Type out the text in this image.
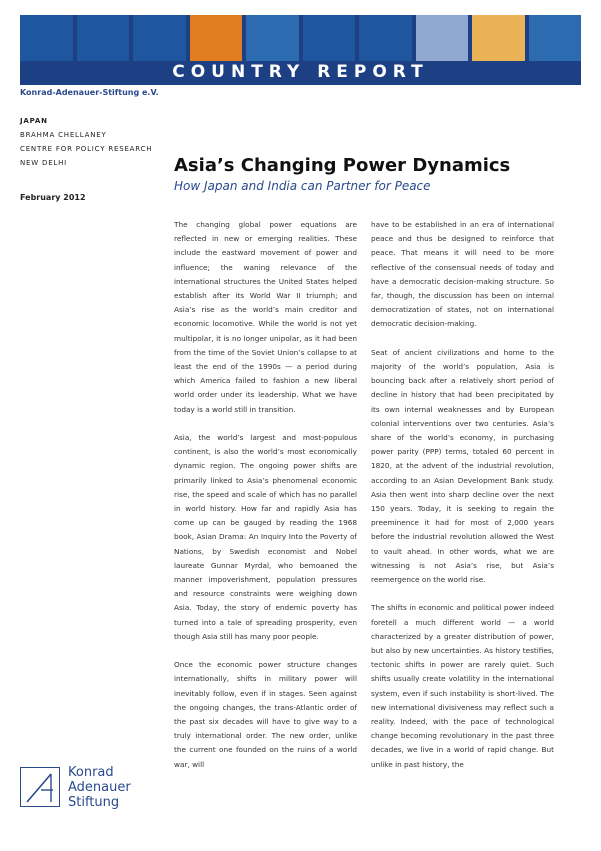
COUNTRY REPORT
Konrad-Adenauer-Stiftung e.V.
JAPAN
BRAHMA CHELLANEY
CENTRE FOR POLICY RESEARCH
NEW DELHI
February 2012
Asia’s Changing Power Dynamics
How Japan and India can Partner for Peace

The changing global power equations are reflected in new or emerging realities. These include the eastward movement of power and influence; the waning relevance of the international structures the United States helped establish after its World War II triumph; and Asia’s rise as the world’s main creditor and economic locomotive. While the world is not yet multipolar, it is no longer unipolar, as it had been from the time of the Soviet Union’s collapse to at least the end of the 1990s — a period during which America failed to fashion a new liberal world order under its leadership. What we have today is a world still in transition.

Asia, the world’s largest and most-populous continent, is also the world’s most economically dynamic region. The ongoing power shifts are primarily linked to Asia’s phenomenal economic rise, the speed and scale of which has no parallel in world history. How far and rapidly Asia has come up can be gauged by reading the 1968 book, Asian Drama: An Inquiry Into the Poverty of Nations, by Swedish economist and Nobel laureate Gunnar Myrdal, who bemoaned the manner impoverishment, population pressures and resource constraints were weighing down Asia. Today, the story of endemic poverty has turned into a tale of spreading prosperity, even though Asia still has many poor people.

Once the economic power structure changes internationally, shifts in military power will inevitably follow, even if in stages. Seen against the ongoing changes, the trans-Atlantic order of the past six decades will have to give way to a truly international order. The new order, unlike the current one founded on the ruins of a world war, will

have to be established in an era of international peace and thus be designed to reinforce that peace. That means it will need to be more reflective of the consensual needs of today and have a democratic decision-making structure. So far, though, the discussion has been on internal democratization of states, not on international democratic decision-making.

Seat of ancient civilizations and home to the majority of the world’s population, Asia is bouncing back after a relatively short period of decline in history that had been precipitated by its own internal weaknesses and by European colonial interventions over two centuries. Asia’s share of the world’s economy, in purchasing power parity (PPP) terms, totaled 60 percent in 1820, at the advent of the industrial revolution, according to an Asian Development Bank study. Asia then went into sharp decline over the next 150 years. Today, it is seeking to regain the preeminence it had for most of 2,000 years before the industrial revolution allowed the West to vault ahead. In other words, what we are witnessing is not Asia’s rise, but Asia’s reemergence on the world rise.

The shifts in economic and political power indeed foretell a much different world — a world characterized by a greater distribution of power, but also by new uncertainties. As history testifies, tectonic shifts in power are rarely quiet. Such shifts usually create volatility in the international system, even if such instability is short-lived. The new international divisiveness may reflect such a reality. Indeed, with the pace of technological change becoming revolutionary in the past three decades, we live in a world of rapid change. But unlike in past history, the

Konrad
Adenauer
Stiftung
